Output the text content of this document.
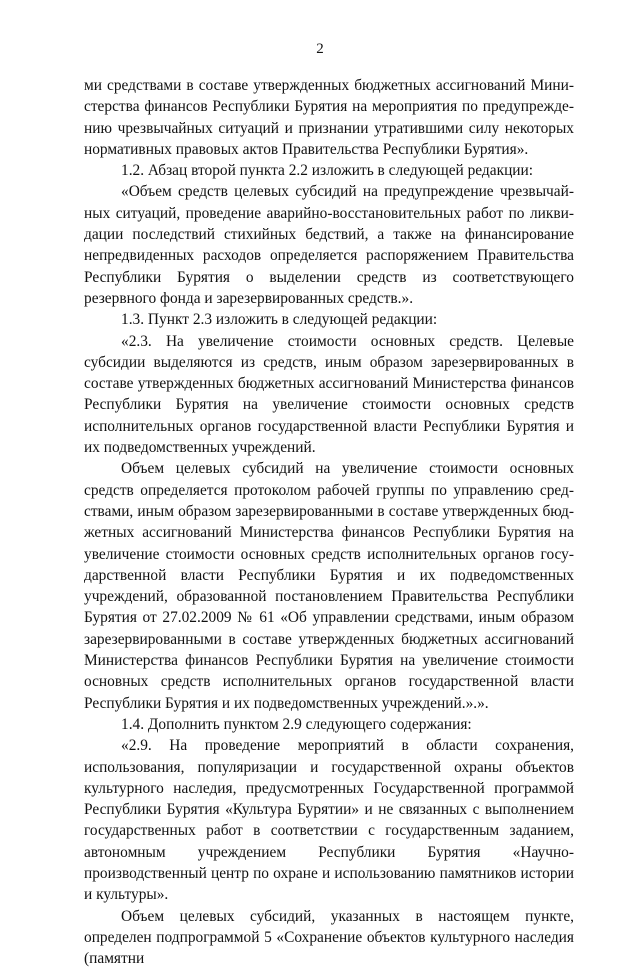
2

ми средствами в составе утвержденных бюджетных ассигнований Министерства финансов Республики Бурятия на мероприятия по предупреждению чрезвычайных ситуаций и признании утратившими силу некоторых нормативных правовых актов Правительства Республики Бурятия».

1.2. Абзац второй пункта 2.2 изложить в следующей редакции:

«Объем средств целевых субсидий на предупреждение чрезвычайных ситуаций, проведение аварийно-восстановительных работ по ликвидации последствий стихийных бедствий, а также на финансирование непредвиденных расходов определяется распоряжением Правительства Республики Бурятия о выделении средств из соответствующего резервного фонда и зарезервированных средств.».

1.3. Пункт 2.3 изложить в следующей редакции:

«2.3. На увеличение стоимости основных средств. Целевые субсидии выделяются из средств, иным образом зарезервированных в составе утвержденных бюджетных ассигнований Министерства финансов Республики Бурятия на увеличение стоимости основных средств исполнительных органов государственной власти Республики Бурятия и их подведомственных учреждений.

Объем целевых субсидий на увеличение стоимости основных средств определяется протоколом рабочей группы по управлению средствами, иным образом зарезервированными в составе утвержденных бюджетных ассигнований Министерства финансов Республики Бурятия на увеличение стоимости основных средств исполнительных органов государственной власти Республики Бурятия и их подведомственных учреждений, образованной постановлением Правительства Республики Бурятия от 27.02.2009 № 61 «Об управлении средствами, иным образом зарезервированными в составе утвержденных бюджетных ассигнований Министерства финансов Республики Бурятия на увеличение стоимости основных средств исполнительных органов государственной власти Республики Бурятия и их подведомственных учреждений.».».

1.4. Дополнить пунктом 2.9 следующего содержания:

«2.9. На проведение мероприятий в области сохранения, использования, популяризации и государственной охраны объектов культурного наследия, предусмотренных Государственной программой Республики Бурятия «Культура Бурятии» и не связанных с выполнением государственных работ в соответствии с государственным заданием, автономным учреждением Республики Бурятия «Научно-производственный центр по охране и использованию памятников истории и культуры».

Объем целевых субсидий, указанных в настоящем пункте, определен подпрограммой 5 «Сохранение объектов культурного наследия (памятни
